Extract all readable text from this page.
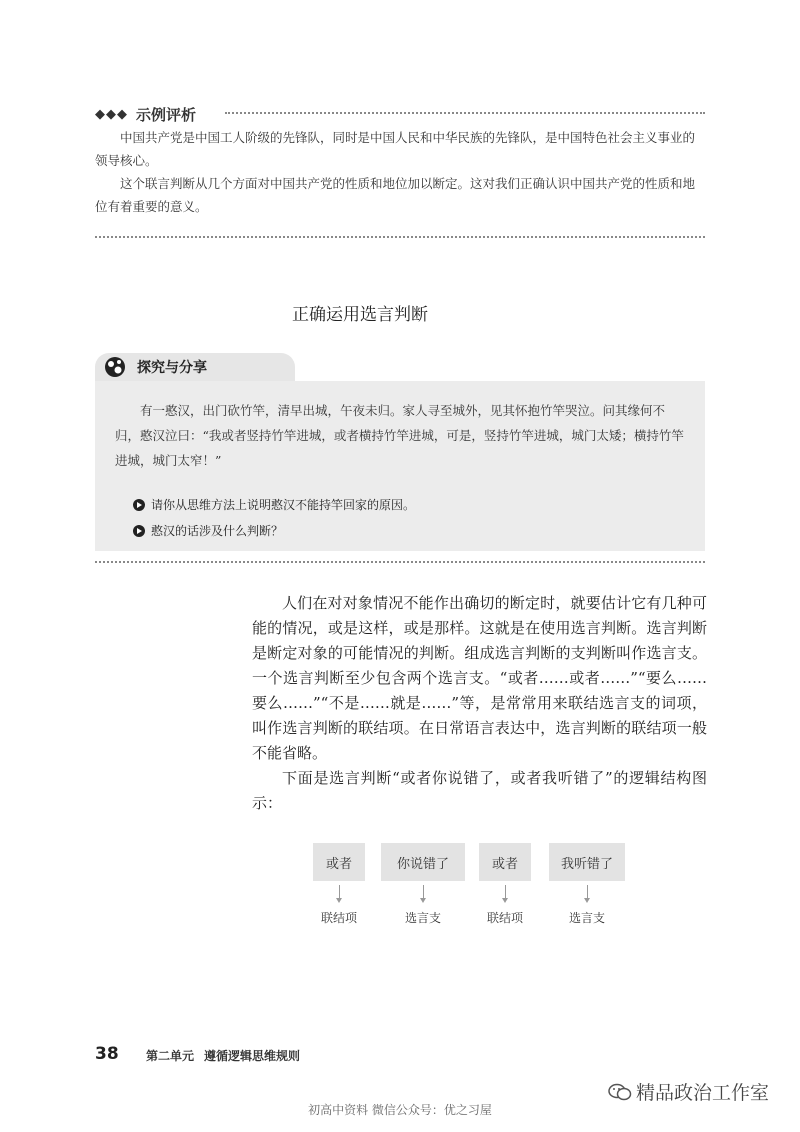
◆◆◆ 示例评析

中国共产党是中国工人阶级的先锋队，同时是中国人民和中华民族的先锋队，是中国特色社会主义事业的领导核心。

这个联言判断从几个方面对中国共产党的性质和地位加以断定。这对我们正确认识中国共产党的性质和地位有着重要的意义。

正确运用选言判断
探究与分享

有一憨汉，出门砍竹竿，清早出城，午夜未归。家人寻至城外，见其怀抱竹竿哭泣。问其缘何不归，憨汉泣曰：“我或者竖持竹竿进城，或者横持竹竿进城，可是，竖持竹竿进城，城门太矮；横持竹竿进城，城门太窄！”

请你从思维方法上说明憨汉不能持竿回家的原因。
憨汉的话涉及什么判断？

人们在对对象情况不能作出确切的断定时，就要估计它有几种可能的情况，或是这样，或是那样。这就是在使用选言判断。选言判断是断定对象的可能情况的判断。组成选言判断的支判断叫作选言支。一个选言判断至少包含两个选言支。“或者……或者……”“要么……要么……”“不是……就是……”等，是常常用来联结选言支的词项，叫作选言判断的联结项。在日常语言表达中，选言判断的联结项一般不能省略。

下面是选言判断“或者你说错了，或者我听错了”的逻辑结构图示：

或者
联结项
你说错了
选言支
或者
联结项
我听错了
选言支
38 第二单元 遵循逻辑思维规则
精品政治工作室
初高中资料 微信公众号：优之习屋
